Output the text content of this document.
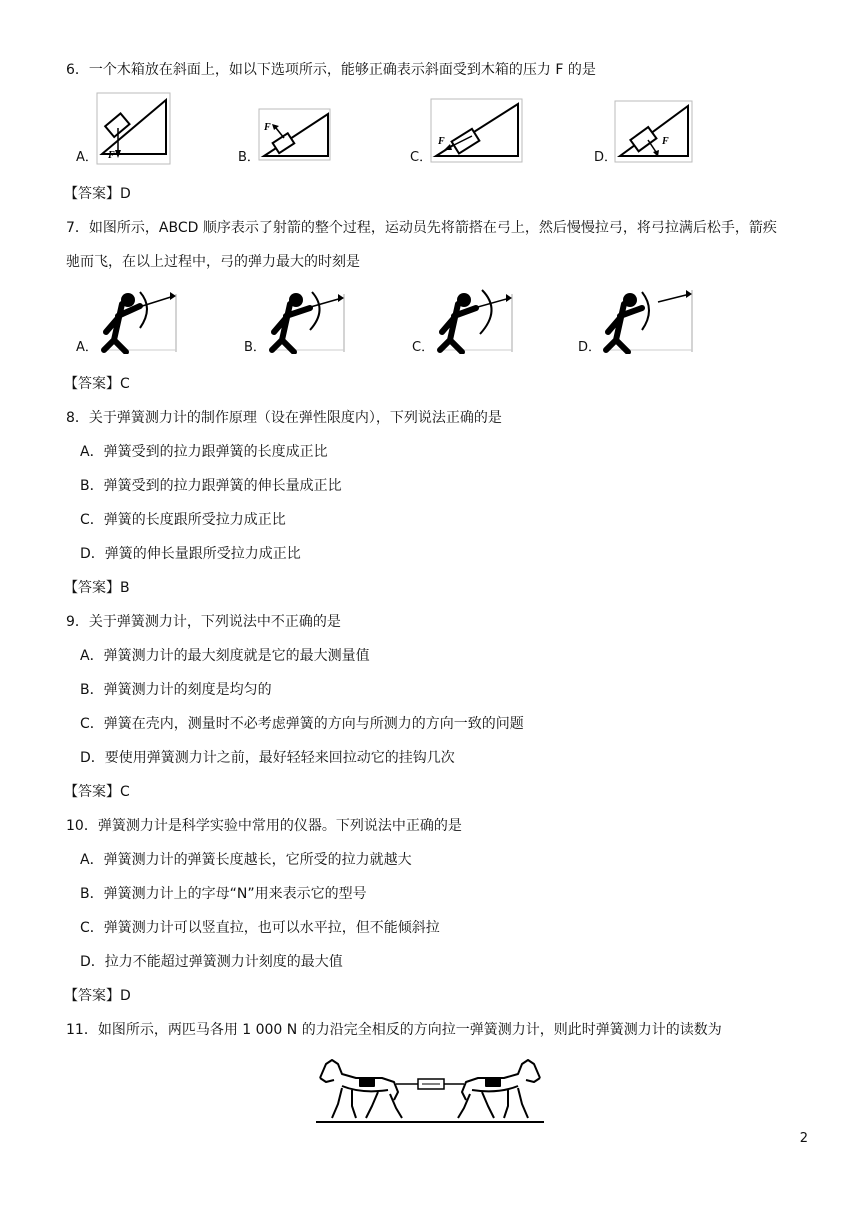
6．一个木箱放在斜面上，如以下选项所示，能够正确表示斜面受到木箱的压力 F 的是
A． F	B．
F
C．
F
D．
F
【答案】D
7．如图所示，ABCD 顺序表示了射箭的整个过程，运动员先将箭搭在弓上，然后慢慢拉弓，将弓拉满后松手，箭疾
驰而飞，在以上过程中，弓的弹力最大的时刻是
A．	B．	C．	D．
【答案】C
8．关于弹簧测力计的制作原理（设在弹性限度内），下列说法正确的是
A．弹簧受到的拉力跟弹簧的长度成正比
B．弹簧受到的拉力跟弹簧的伸长量成正比
C．弹簧的长度跟所受拉力成正比
D．弹簧的伸长量跟所受拉力成正比
【答案】B
9．关于弹簧测力计，下列说法中不正确的是
A．弹簧测力计的最大刻度就是它的最大测量值
B．弹簧测力计的刻度是均匀的
C．弹簧在壳内，测量时不必考虑弹簧的方向与所测力的方向一致的问题
D．要使用弹簧测力计之前，最好轻轻来回拉动它的挂钩几次
【答案】C
10．弹簧测力计是科学实验中常用的仪器。下列说法中正确的是
A．弹簧测力计的弹簧长度越长，它所受的拉力就越大
B．弹簧测力计上的字母“N”用来表示它的型号
C．弹簧测力计可以竖直拉，也可以水平拉，但不能倾斜拉
D．拉力不能超过弹簧测力计刻度的最大值
【答案】D
11．如图所示，两匹马各用 1 000 N 的力沿完全相反的方向拉一弹簧测力计，则此时弹簧测力计的读数为
2
